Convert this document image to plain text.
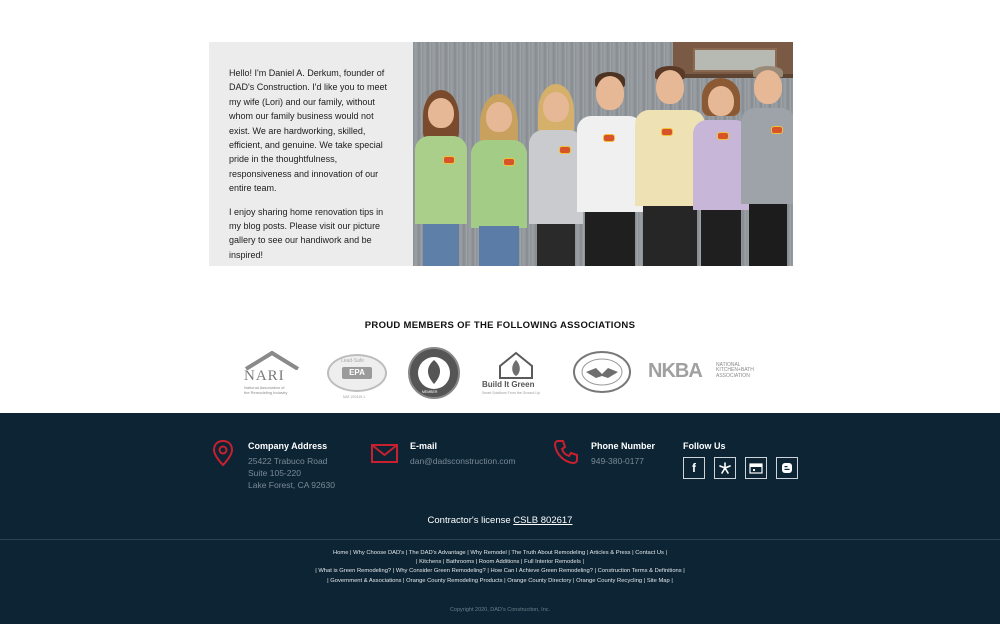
Hello! I'm Daniel A. Derkum, founder of DAD's Construction. I'd like you to meet my wife (Lori) and our family, without whom our family business would not exist. We are hardworking, skilled, efficient, and genuine. We take special pride in the thoughtfulness, responsiveness and innovation of our entire team.

I enjoy sharing home renovation tips in my blog posts. Please visit our picture gallery to see our handiwork and be inspired!

PROUD MEMBERS OF THE FOLLOWING ASSOCIATIONS
NARI
National Association of
the Remodeling Industry
Lead-Safe
EPA
NAT-220119-1
MEMBER
Build It Green
Smart Solutions From the Ground Up
NKBA	NATIONAL
KITCHEN+BATH
ASSOCIATION
Company Address
25422 Trabuco Road
Suite 105-220
Lake Forest, CA 92630
E-mail
dan@dadsconstruction.com
Phone Number
949-380-0177
Follow Us
f
Contractor's license CSLB 802617
Home | Why Choose DAD's | The DAD's Advantage | Why Remodel | The Truth About Remodeling | Articles & Press | Contact Us |
| Kitchens | Bathrooms | Room Additions | Full Interior Remodels |
| What is Green Remodeling? | Why Consider Green Remodeling? | How Can I Achieve Green Remodeling? | Construction Terms & Definitions |
| Government & Associations | Orange County Remodeling Products | Orange County Directory | Orange County Recycling | Site Map |
Copyright 2020, DAD's Construction, Inc.
